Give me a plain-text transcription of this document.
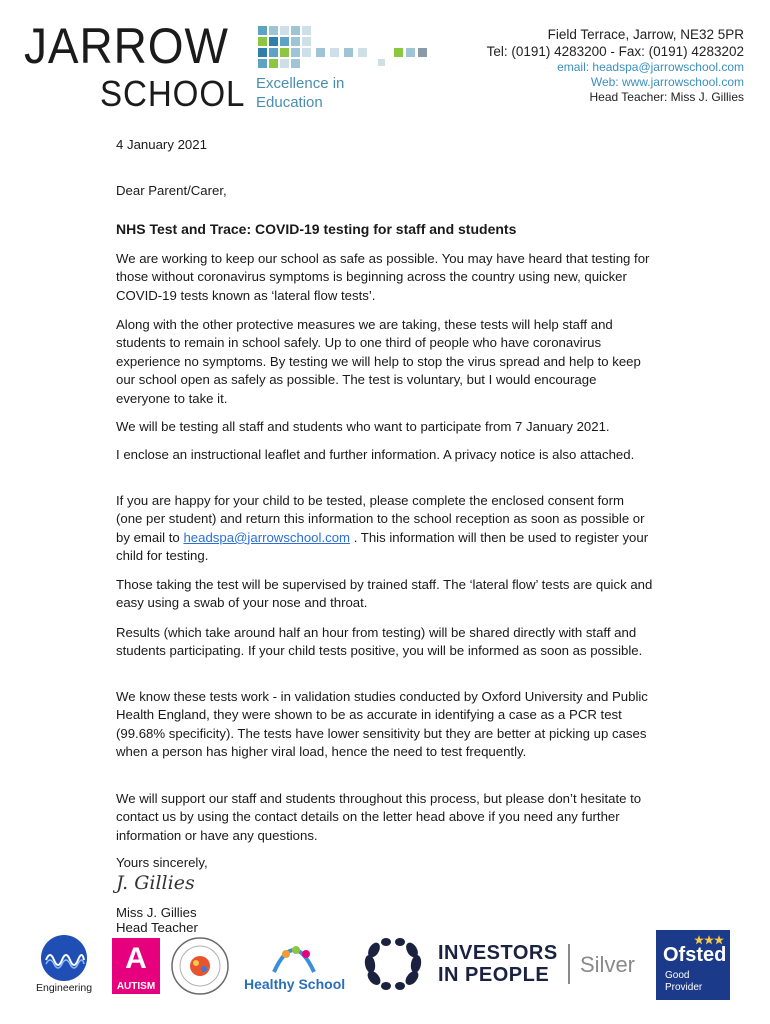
JARROW
SCHOOL Excellence in
Education
Field Terrace, Jarrow, NE32 5PR
Tel: (0191) 4283200 - Fax: (0191) 4283202
email: headspa@jarrowschool.com
Web: www.jarrowschool.com
Head Teacher: Miss J. Gillies
4 January 2021
Dear Parent/Carer,
NHS Test and Trace: COVID-19 testing for staff and students
We are working to keep our school as safe as possible. You may have heard that testing for those without coronavirus symptoms is beginning across the country using new, quicker COVID-19 tests known as ‘lateral flow tests’.
Along with the other protective measures we are taking, these tests will help staff and students to remain in school safely. Up to one third of people who have coronavirus experience no symptoms. By testing we will help to stop the virus spread and help to keep our school open as safely as possible. The test is voluntary, but I would encourage everyone to take it.
We will be testing all staff and students who want to participate from 7 January 2021.
I enclose an instructional leaflet and further information. A privacy notice is also attached.
If you are happy for your child to be tested, please complete the enclosed consent form (one per student) and return this information to the school reception as soon as possible or by email to headspa@jarrowschool.com . This information will then be used to register your child for testing.
Those taking the test will be supervised by trained staff. The ‘lateral flow’ tests are quick and easy using a swab of your nose and throat.
Results (which take around half an hour from testing) will be shared directly with staff and students participating. If your child tests positive, you will be informed as soon as possible.
We know these tests work - in validation studies conducted by Oxford University and Public Health England, they were shown to be as accurate in identifying a case as a PCR test (99.68% specificity). The tests have lower sensitivity but they are better at picking up cases when a person has higher viral load, hence the need to test frequently.
We will support our staff and students throughout this process, but please don’t hesitate to contact us by using the contact details on the letter head above if you need any further information or have any questions.
Yours sincerely,
J. Gillies
Miss J. Gillies
Head Teacher
Engineering
A
AUTISM	Healthy School
INVESTORS
IN PEOPLE	Silver Ofsted
Good
Provider
